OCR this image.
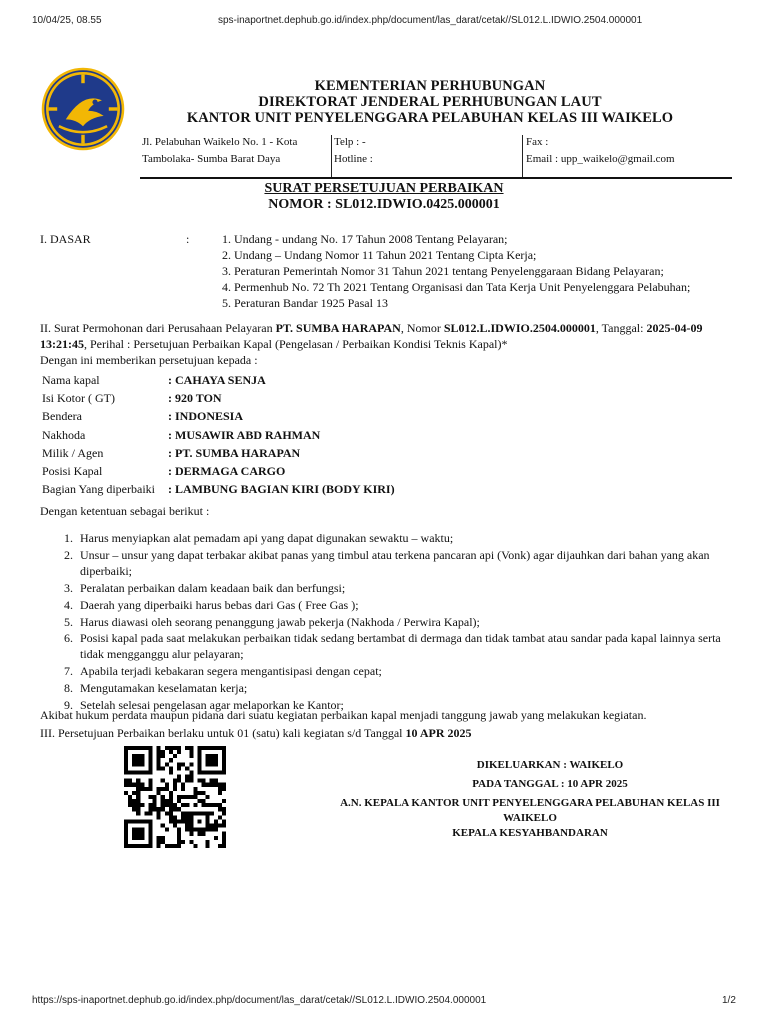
10/04/25, 08.55	sps-inaportnet.dephub.go.id/index.php/document/las_darat/cetak//SL012.L.IDWIO.2504.000001
https://sps-inaportnet.dephub.go.id/index.php/document/las_darat/cetak//SL012.L.IDWIO.2504.000001	1/2
KEMENTERIAN PERHUBUNGAN
DIREKTORAT JENDERAL PERHUBUNGAN LAUT
KANTOR UNIT PENYELENGGARA PELABUHAN KELAS III WAIKELO
Jl. Pelabuhan Waikelo No. 1 - Kota
Tambolaka- Sumba Barat Daya
Telp : -
Hotline :
Fax :
Email : upp_waikelo@gmail.com
SURAT PERSETUJUAN PERBAIKAN
NOMOR : SL012.IDWIO.0425.000001
I. DASAR	:	1. Undang - undang No. 17 Tahun 2008 Tentang Pelayaran;
2. Undang – Undang Nomor 11 Tahun 2021 Tentang Cipta Kerja;
3. Peraturan Pemerintah Nomor 31 Tahun 2021 tentang Penyelenggaraan Bidang Pelayaran;
4. Permenhub No. 72 Th 2021 Tentang Organisasi dan Tata Kerja Unit Penyelenggara Pelabuhan;
5. Peraturan Bandar 1925 Pasal 13
II. Surat Permohonan dari Perusahaan Pelayaran PT. SUMBA HARAPAN, Nomor SL012.L.IDWIO.2504.000001, Tanggal: 2025-04-09 13:21:45, Perihal : Persetujuan Perbaikan Kapal (Pengelasan / Perbaikan Kondisi Teknis Kapal)*
Dengan ini memberikan persetujuan kepada :
Nama kapal	: CAHAYA SENJA
Isi Kotor ( GT)	: 920 TON
Bendera	: INDONESIA
Nakhoda	: MUSAWIR ABD RAHMAN
Milik / Agen	: PT. SUMBA HARAPAN
Posisi Kapal	: DERMAGA CARGO
Bagian Yang diperbaiki : LAMBUNG BAGIAN KIRI (BODY KIRI)
Dengan ketentuan sebagai berikut :
1. Harus menyiapkan alat pemadam api yang dapat digunakan sewaktu – waktu;
2. Unsur – unsur yang dapat terbakar akibat panas yang timbul atau terkena pancaran api (Vonk) agar dijauhkan dari bahan yang akan diperbaiki;
3. Peralatan perbaikan dalam keadaan baik dan berfungsi;
4. Daerah yang diperbaiki harus bebas dari Gas ( Free Gas );
5. Harus diawasi oleh seorang penanggung jawab pekerja (Nakhoda / Perwira Kapal);
6. Posisi kapal pada saat melakukan perbaikan tidak sedang bertambat di dermaga dan tidak tambat atau sandar pada kapal lainnya serta tidak mengganggu alur pelayaran;
7. Apabila terjadi kebakaran segera mengantisipasi dengan cepat;
8. Mengutamakan keselamatan kerja;
9. Setelah selesai pengelasan agar melaporkan ke Kantor;
Akibat hukum perdata maupun pidana dari suatu kegiatan perbaikan kapal menjadi tanggung jawab yang melakukan kegiatan.
III. Persetujuan Perbaikan berlaku untuk 01 (satu) kali kegiatan s/d Tanggal 10 APR 2025
DIKELUARKAN : WAIKELO
PADA TANGGAL : 10 APR 2025
A.N. KEPALA KANTOR UNIT PENYELENGGARA PELABUHAN KELAS III
WAIKELO
KEPALA KESYAHBANDARAN
